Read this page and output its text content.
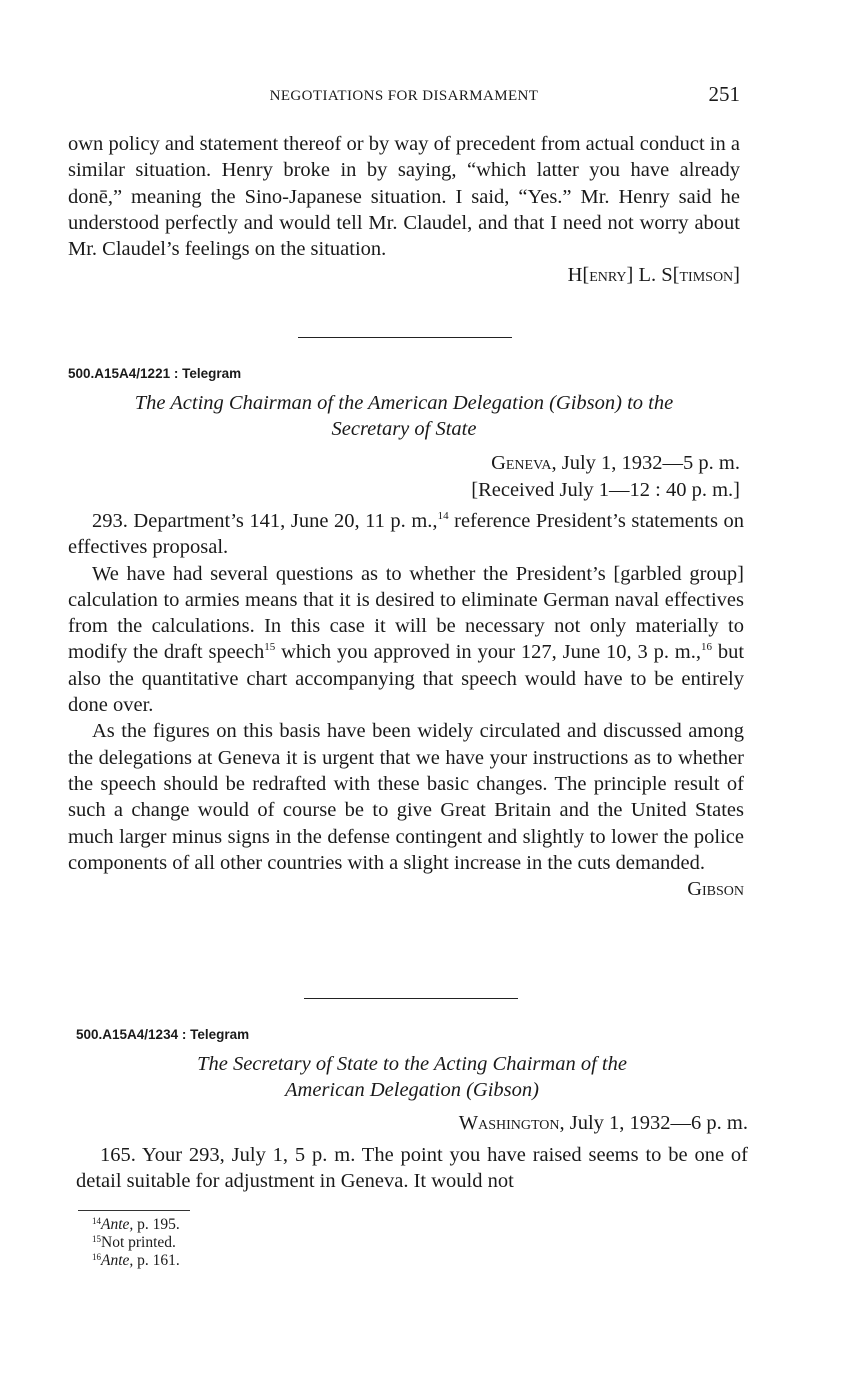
NEGOTIATIONS FOR DISARMAMENT	251

own policy and statement thereof or by way of precedent from actual conduct in a similar situation. Henry broke in by saying, “which latter you have already donē,” meaning the Sino-Japanese situation. I said, “Yes.” Mr. Henry said he understood perfectly and would tell Mr. Claudel, and that I need not worry about Mr. Claudel’s feelings on the situation.

H[enry] L. S[timson]

500.A15A4/1221 : Telegram
The Acting Chairman of the American Delegation (Gibson) to the
Secretary of State
Geneva, July 1, 1932—5 p. m.
[Received July 1—12 : 40 p. m.]

293. Department’s 141, June 20, 11 p. m.,$^{14}$ reference President’s statements on effectives proposal.

We have had several questions as to whether the President’s [garbled group] calculation to armies means that it is desired to eliminate German naval effectives from the calculations. In this case it will be necessary not only materially to modify the draft speech$^{15}$ which you approved in your 127, June 10, 3 p. m.,$^{16}$ but also the quantitative chart accompanying that speech would have to be entirely done over.

As the figures on this basis have been widely circulated and discussed among the delegations at Geneva it is urgent that we have your instructions as to whether the speech should be redrafted with these basic changes. The principle result of such a change would of course be to give Great Britain and the United States much larger minus signs in the defense contingent and slightly to lower the police components of all other countries with a slight increase in the cuts demanded.

Gibson

500.A15A4/1234 : Telegram
The Secretary of State to the Acting Chairman of the
American Delegation (Gibson)
Washington, July 1, 1932—6 p. m.

165. Your 293, July 1, 5 p. m. The point you have raised seems to be one of detail suitable for adjustment in Geneva. It would not

$^{14}$Ante, p. 195.

$^{15}$Not printed.

$^{16}$Ante, p. 161.
